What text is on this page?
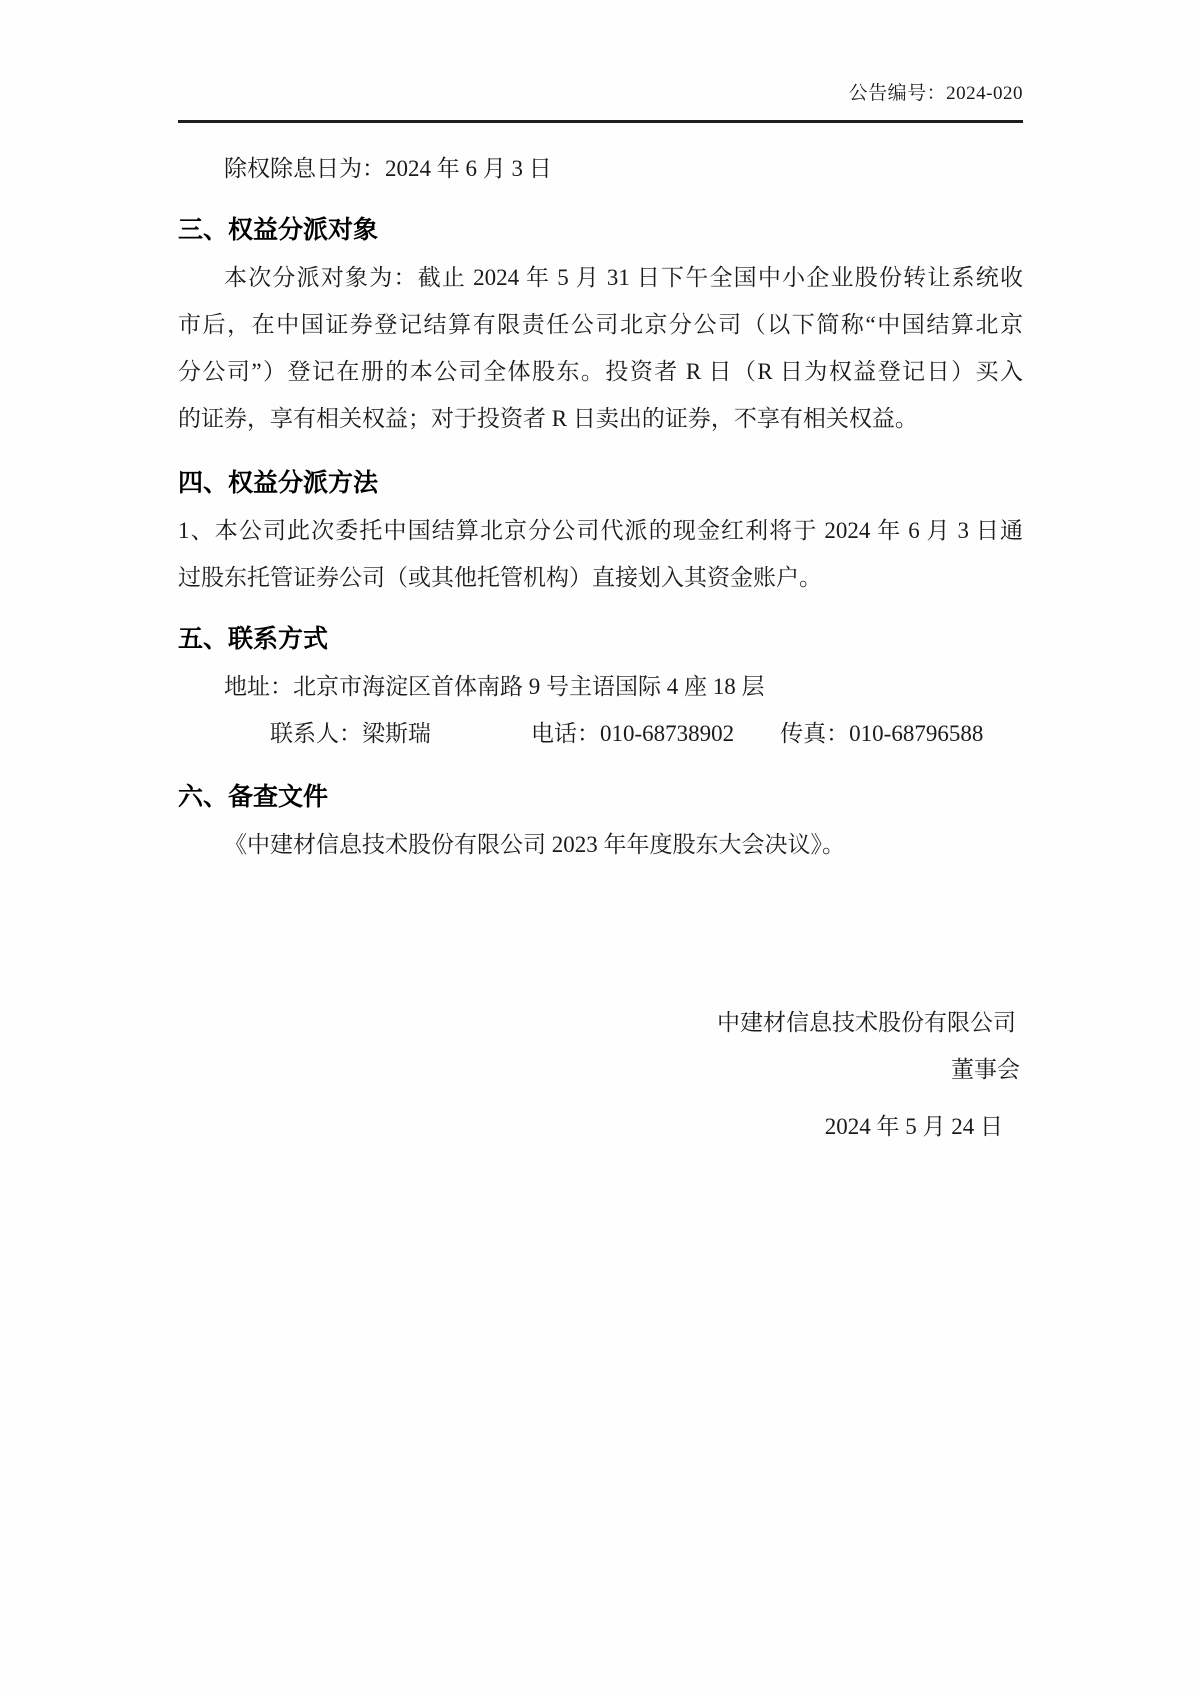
公告编号：2024-020

除权除息日为：2024 年 6 月 3 日

三、权益分派对象

本次分派对象为：截止 2024 年 5 月 31 日下午全国中小企业股份转让系统收

市后，在中国证券登记结算有限责任公司北京分公司（以下简称“中国结算北京

分公司”）登记在册的本公司全体股东。投资者 R 日（R 日为权益登记日）买入

的证券，享有相关权益；对于投资者 R 日卖出的证券，不享有相关权益。

四、权益分派方法

1、本公司此次委托中国结算北京分公司代派的现金红利将于 2024 年 6 月 3 日通

过股东托管证券公司（或其他托管机构）直接划入其资金账户。

五、联系方式

地址：北京市海淀区首体南路 9 号主语国际 4 座 18 层

联系人：梁斯瑞	电话：010-68738902 传真：010-68796588

六、备查文件

《中建材信息技术股份有限公司 2023 年年度股东大会决议》。

中建材信息技术股份有限公司

董事会

2024 年 5 月 24 日
